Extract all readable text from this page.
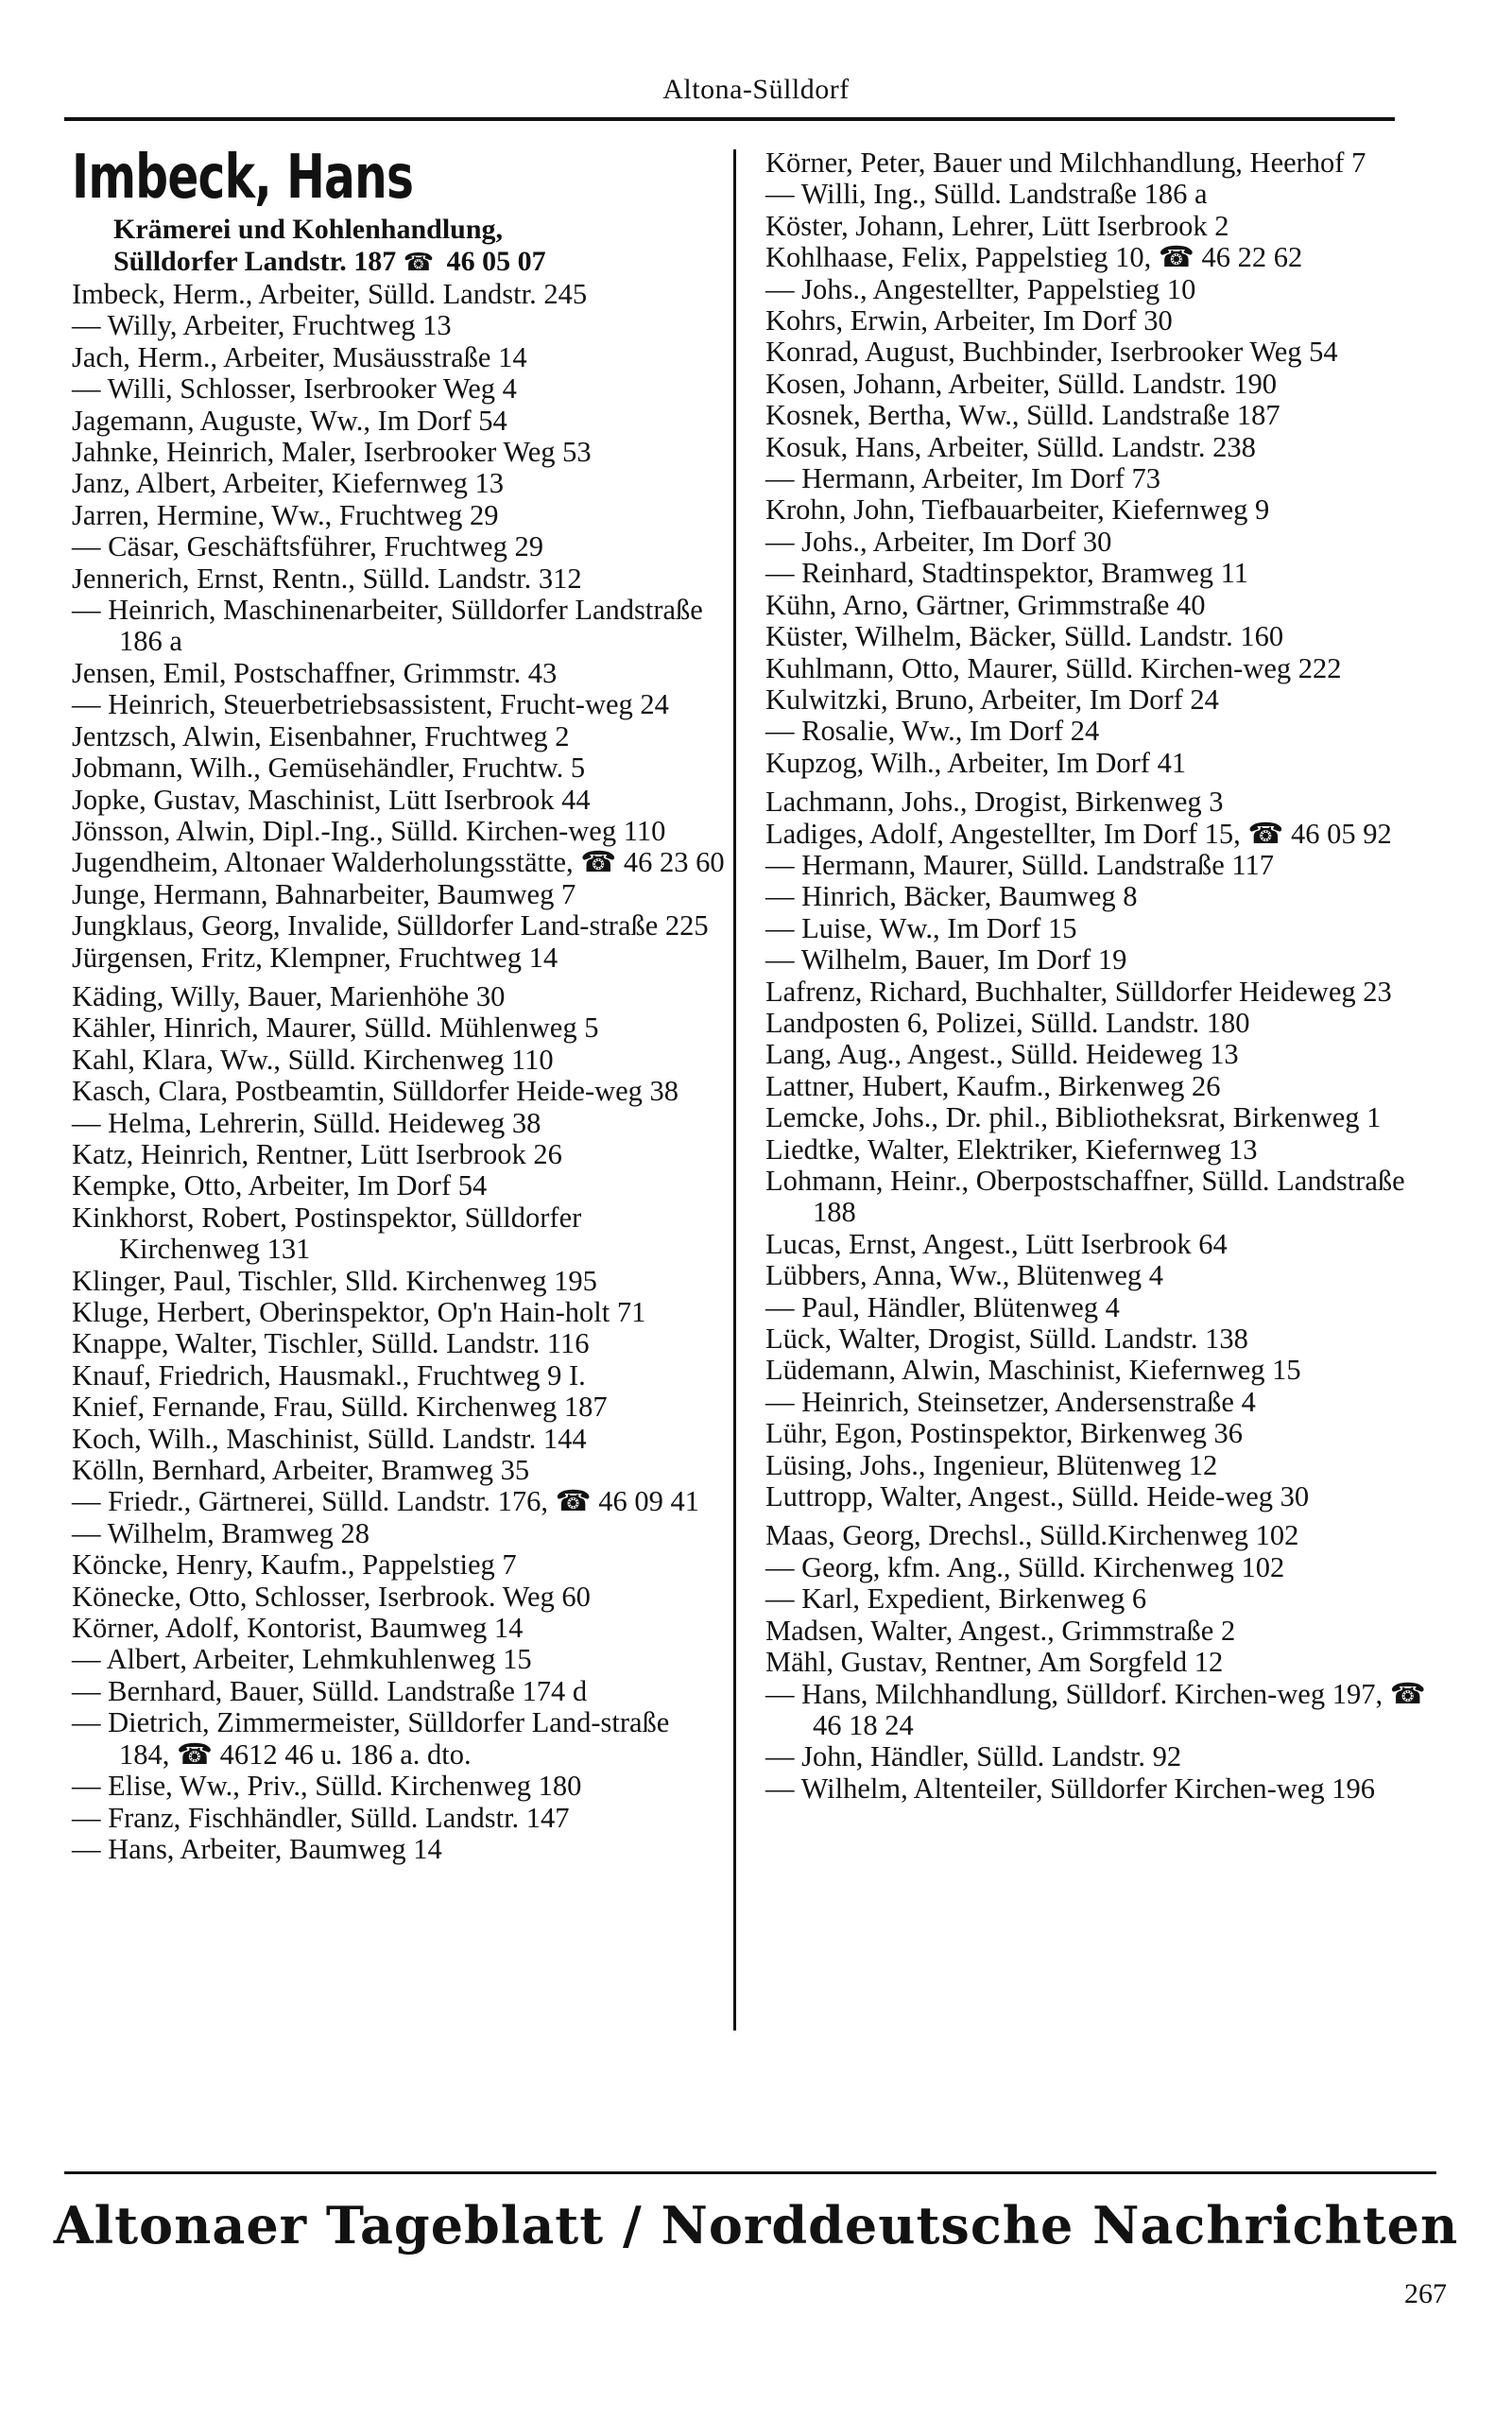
Altona-Sülldorf
Imbeck, Hans
Krämerei und Kohlenhandlung,
Sülldorfer Landstr. 187 ☎ 46 05 07
Imbeck, Herm., Arbeiter, Sülld. Landstr. 245
— Willy, Arbeiter, Fruchtweg 13
Jach, Herm., Arbeiter, Musäusstraße 14
— Willi, Schlosser, Iserbrooker Weg 4
Jagemann, Auguste, Ww., Im Dorf 54
Jahnke, Heinrich, Maler, Iserbrooker Weg 53
Janz, Albert, Arbeiter, Kiefernweg 13
Jarren, Hermine, Ww., Fruchtweg 29
— Cäsar, Geschäftsführer, Fruchtweg 29
Jennerich, Ernst, Rentn., Sülld. Landstr. 312
— Heinrich, Maschinenarbeiter, Sülldorfer Landstraße 186 a
Jensen, Emil, Postschaffner, Grimmstr. 43
— Heinrich, Steuerbetriebsassistent, Frucht-weg 24
Jentzsch, Alwin, Eisenbahner, Fruchtweg 2
Jobmann, Wilh., Gemüsehändler, Fruchtw. 5
Jopke, Gustav, Maschinist, Lütt Iserbrook 44
Jönsson, Alwin, Dipl.-Ing., Sülld. Kirchen-weg 110
Jugendheim, Altonaer Walderholungsstätte, ☎ 46 23 60
Junge, Hermann, Bahnarbeiter, Baumweg 7
Jungklaus, Georg, Invalide, Sülldorfer Land-straße 225
Jürgensen, Fritz, Klempner, Fruchtweg 14
Käding, Willy, Bauer, Marienhöhe 30
Kähler, Hinrich, Maurer, Sülld. Mühlenweg 5
Kahl, Klara, Ww., Sülld. Kirchenweg 110
Kasch, Clara, Postbeamtin, Sülldorfer Heide-weg 38
— Helma, Lehrerin, Sülld. Heideweg 38
Katz, Heinrich, Rentner, Lütt Iserbrook 26
Kempke, Otto, Arbeiter, Im Dorf 54
Kinkhorst, Robert, Postinspektor, Sülldorfer Kirchenweg 131
Klinger, Paul, Tischler, Slld. Kirchenweg 195
Kluge, Herbert, Oberinspektor, Op'n Hain-holt 71
Knappe, Walter, Tischler, Sülld. Landstr. 116
Knauf, Friedrich, Hausmakl., Fruchtweg 9 I.
Knief, Fernande, Frau, Sülld. Kirchenweg 187
Koch, Wilh., Maschinist, Sülld. Landstr. 144
Kölln, Bernhard, Arbeiter, Bramweg 35
— Friedr., Gärtnerei, Sülld. Landstr. 176, ☎ 46 09 41
— Wilhelm, Bramweg 28
Köncke, Henry, Kaufm., Pappelstieg 7
Könecke, Otto, Schlosser, Iserbrook. Weg 60
Körner, Adolf, Kontorist, Baumweg 14
— Albert, Arbeiter, Lehmkuhlenweg 15
— Bernhard, Bauer, Sülld. Landstraße 174 d
— Dietrich, Zimmermeister, Sülldorfer Land-straße 184, ☎ 4612 46 u. 186 a. dto.
— Elise, Ww., Priv., Sülld. Kirchenweg 180
— Franz, Fischhändler, Sülld. Landstr. 147
— Hans, Arbeiter, Baumweg 14
Körner, Peter, Bauer und Milchhandlung, Heerhof 7
— Willi, Ing., Sülld. Landstraße 186 a
Köster, Johann, Lehrer, Lütt Iserbrook 2
Kohlhaase, Felix, Pappelstieg 10, ☎ 46 22 62
— Johs., Angestellter, Pappelstieg 10
Kohrs, Erwin, Arbeiter, Im Dorf 30
Konrad, August, Buchbinder, Iserbrooker Weg 54
Kosen, Johann, Arbeiter, Sülld. Landstr. 190
Kosnek, Bertha, Ww., Sülld. Landstraße 187
Kosuk, Hans, Arbeiter, Sülld. Landstr. 238
— Hermann, Arbeiter, Im Dorf 73
Krohn, John, Tiefbauarbeiter, Kiefernweg 9
— Johs., Arbeiter, Im Dorf 30
— Reinhard, Stadtinspektor, Bramweg 11
Kühn, Arno, Gärtner, Grimmstraße 40
Küster, Wilhelm, Bäcker, Sülld. Landstr. 160
Kuhlmann, Otto, Maurer, Sülld. Kirchen-weg 222
Kulwitzki, Bruno, Arbeiter, Im Dorf 24
— Rosalie, Ww., Im Dorf 24
Kupzog, Wilh., Arbeiter, Im Dorf 41
Lachmann, Johs., Drogist, Birkenweg 3
Ladiges, Adolf, Angestellter, Im Dorf 15, ☎ 46 05 92
— Hermann, Maurer, Sülld. Landstraße 117
— Hinrich, Bäcker, Baumweg 8
— Luise, Ww., Im Dorf 15
— Wilhelm, Bauer, Im Dorf 19
Lafrenz, Richard, Buchhalter, Sülldorfer Heideweg 23
Landposten 6, Polizei, Sülld. Landstr. 180
Lang, Aug., Angest., Sülld. Heideweg 13
Lattner, Hubert, Kaufm., Birkenweg 26
Lemcke, Johs., Dr. phil., Bibliotheksrat, Birkenweg 1
Liedtke, Walter, Elektriker, Kiefernweg 13
Lohmann, Heinr., Oberpostschaffner, Sülld. Landstraße 188
Lucas, Ernst, Angest., Lütt Iserbrook 64
Lübbers, Anna, Ww., Blütenweg 4
— Paul, Händler, Blütenweg 4
Lück, Walter, Drogist, Sülld. Landstr. 138
Lüdemann, Alwin, Maschinist, Kiefernweg 15
— Heinrich, Steinsetzer, Andersenstraße 4
Lühr, Egon, Postinspektor, Birkenweg 36
Lüsing, Johs., Ingenieur, Blütenweg 12
Luttropp, Walter, Angest., Sülld. Heide-weg 30
Maas, Georg, Drechsl., Sülld.Kirchenweg 102
— Georg, kfm. Ang., Sülld. Kirchenweg 102
— Karl, Expedient, Birkenweg 6
Madsen, Walter, Angest., Grimmstraße 2
Mähl, Gustav, Rentner, Am Sorgfeld 12
— Hans, Milchhandlung, Sülldorf. Kirchen-weg 197, ☎ 46 18 24
— John, Händler, Sülld. Landstr. 92
— Wilhelm, Altenteiler, Sülldorfer Kirchen-weg 196
Altonaer Tageblatt / Norddeutsche Nachrichten
267
